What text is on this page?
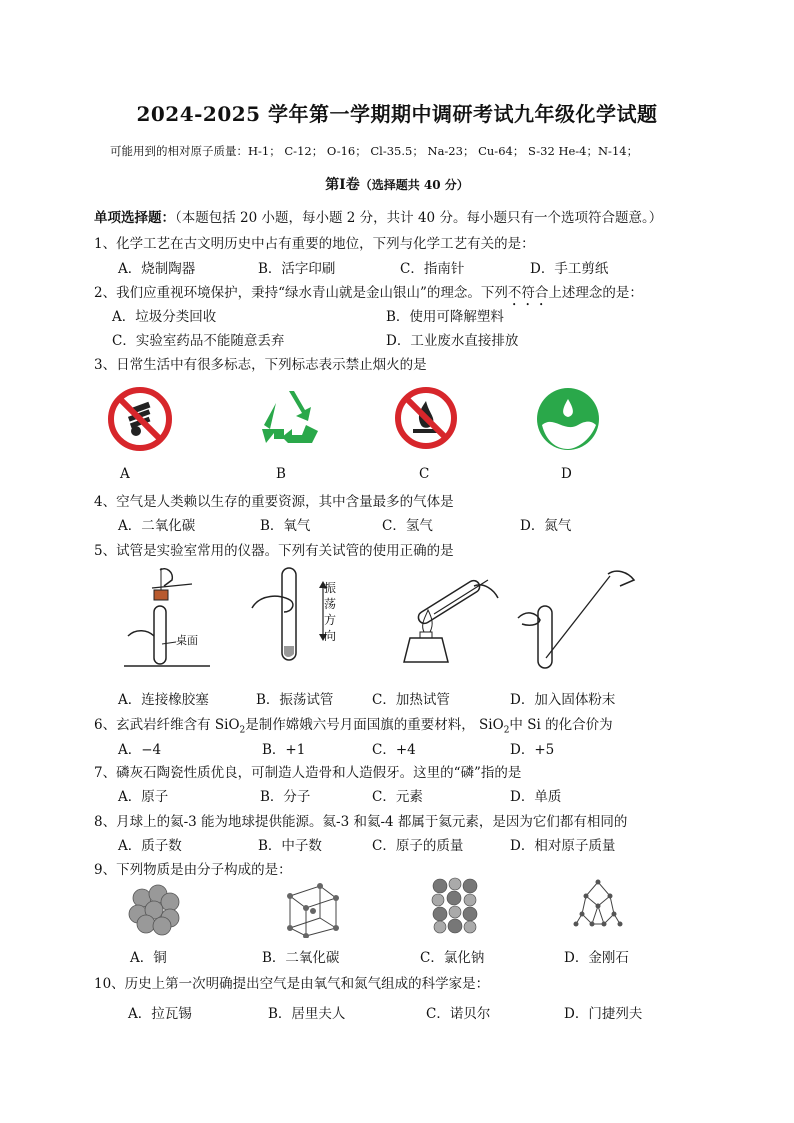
2024-2025 学年第一学期期中调研考试九年级化学试题
可能用到的相对原子质量：H-1； C-12； O-16； Cl-35.5； Na-23； Cu-64； S-32 He-4；N-14；
第Ⅰ卷（选择题共 40 分）
单项选择题：（本题包括 20 小题，每小题 2 分，共计 40 分。每小题只有一个选项符合题意。）
1、化学工艺在古文明历史中占有重要的地位，下列与化学工艺有关的是：
A．烧制陶器	B．活字印刷	C．指南针	D．手工剪纸
2、我们应重视环境保护，秉持“绿水青山就是金山银山”的理念。下列不符合上述理念的是：
A．垃圾分类回收	B．使用可降解塑料
C．实验室药品不能随意丢弃	D．工业废水直接排放
3、日常生活中有很多标志，下列标志表示禁止烟火的是
A	B	C	D
4、空气是人类赖以生存的重要资源，其中含量最多的气体是
A．二氧化碳	B．氧气	C．氢气	D．氮气
5、试管是实验室常用的仪器。下列有关试管的使用正确的是
桌面
振荡方向
A．连接橡胶塞	B．振荡试管	C．加热试管	D．加入固体粉末
6、玄武岩纤维含有 SiO$_2$是制作嫦娥六号月面国旗的重要材料， SiO$_2$中 Si 的化合价为
A．−4	B．+1	C．+4	D．+5
7、磷灰石陶瓷性质优良，可制造人造骨和人造假牙。这里的“磷”指的是
A．原子	B．分子	C．元素	D．单质
8、月球上的氦-3 能为地球提供能源。氦-3 和氦-4 都属于氦元素，是因为它们都有相同的
A．质子数	B．中子数	C．原子的质量	D．相对原子质量
9、下列物质是由分子构成的是：
A．铜	B．二氧化碳	C．氯化钠	D．金刚石
10、历史上第一次明确提出空气是由氧气和氮气组成的科学家是：
A．拉瓦锡	B．居里夫人	C．诺贝尔	D．门捷列夫
